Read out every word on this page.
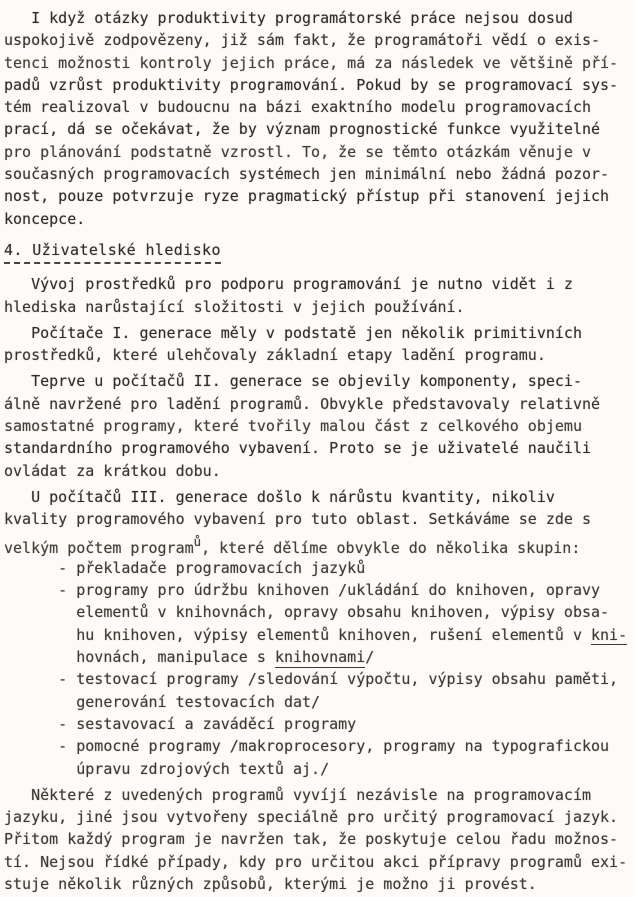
I když otázky produktivity programátorské práce nejsou dosud
uspokojivě zodpovězeny, již sám fakt, že programátoři vědí o exis-
tenci možnosti kontroly jejich práce, má za následek ve většině pří-
padů vzrůst produktivity programování. Pokud by se programovací sys-
tém realizoval v budoucnu na bázi exaktního modelu programovacích
prací, dá se očekávat, že by význam prognostické funkce využitelné
pro plánování podstatně vzrostl. To, že se těmto otázkám věnuje v
současných programovacích systémech jen minimální nebo žádná pozor-
nost, pouze potvrzuje ryze pragmatický přístup při stanovení jejich
koncepce.
4. Uživatelské hledisko
Vývoj prostředků pro podporu programování je nutno vidět i z
hlediska narůstající složitosti v jejich používání.
Počítače I. generace měly v podstatě jen několik primitivních
prostředků, které ulehčovaly základní etapy ladění programu.
Teprve u počítačů II. generace se objevily komponenty, speci-
álně navržené pro ladění programů. Obvykle představovaly relativně
samostatné programy, které tvořily malou část z celkového objemu
standardního programového vybavení. Proto se je uživatelé naučili
ovládat za krátkou dobu.
U počítačů III. generace došlo k nárůstu kvantity, nikoliv
kvality programového vybavení pro tuto oblast. Setkáváme se zde s
velkým počtem programů, které dělíme obvykle do několika skupin:
- překladače programovacích jazyků
- programy pro údržbu knihoven /ukládání do knihoven, opravy
elementů v knihovnách, opravy obsahu knihoven, výpisy obsa-
hu knihoven, výpisy elementů knihoven, rušení elementů v kni-
hovnách, manipulace s knihovnami/
- testovací programy /sledování výpočtu, výpisy obsahu paměti,
generování testovacích dat/
- sestavovací a zaváděcí programy
- pomocné programy /makroprocesory, programy na typografickou
úpravu zdrojových textů aj./
Některé z uvedených programů vyvíjí nezávisle na programovacím
jazyku, jiné jsou vytvořeny speciálně pro určitý programovací jazyk.
Přitom každý program je navržen tak, že poskytuje celou řadu možnos-
tí. Nejsou řídké případy, kdy pro určitou akci přípravy programů exi-
stuje několik různých způsobů, kterými je možno ji provést.
